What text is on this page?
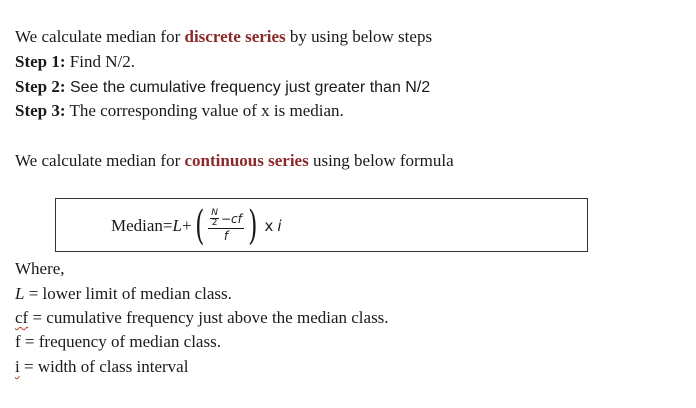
We calculate median for discrete series by using below steps
Step 1: Find N/2.
Step 2: See the cumulative frequency just greater than N/2
Step 3: The corresponding value of x is median.
We calculate median for continuous series using below formula
Median= L + ( N
2 −cf
f ) x i
Where,
L = lower limit of median class.
cf = cumulative frequency just above the median class.
f = frequency of median class.
i = width of class interval
